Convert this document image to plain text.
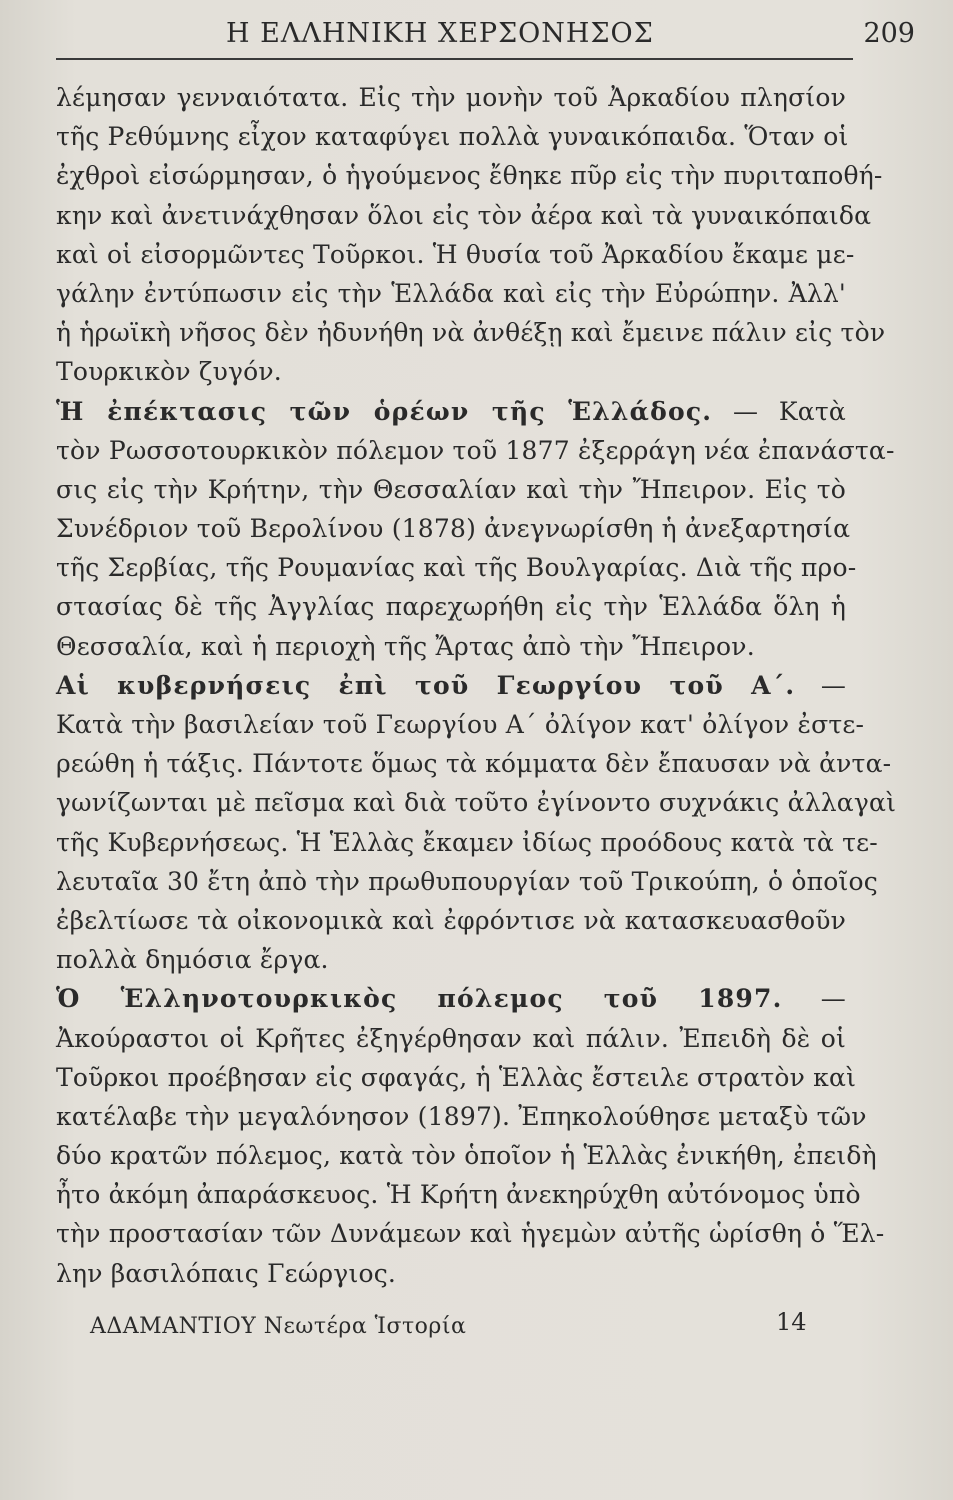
Η ΕΛΛΗΝΙΚΗ ΧΕΡΣΟΝΗΣΟΣ	209
λέμησαν γενναιότατα. Εἰς τὴν μονὴν τοῦ Ἀρκαδίου πλησίον
τῆς Ρεθύμνης εἶχον καταφύγει πολλὰ γυναικόπαιδα. Ὅταν οἱ
ἐχθροὶ εἰσώρμησαν, ὁ ἡγούμενος ἔθηκε πῦρ εἰς τὴν πυριταποθή-
κην καὶ ἀνετινάχθησαν ὅλοι εἰς τὸν ἀέρα καὶ τὰ γυναικόπαιδα
καὶ οἱ εἰσορμῶντες Τοῦρκοι. Ἡ θυσία τοῦ Ἀρκαδίου ἔκαμε με-
γάλην ἐντύπωσιν εἰς τὴν Ἑλλάδα καὶ εἰς τὴν Εὐρώπην. Ἀλλ'
ἡ ἡρωϊκὴ νῆσος δὲν ἠδυνήθη νὰ ἀνθέξῃ καὶ ἔμεινε πάλιν εἰς τὸν
Τουρκικὸν ζυγόν.
Ἡ ἐπέκτασις τῶν ὁρέων τῆς Ἑλλάδος. — Κατὰ
τὸν Ρωσσοτουρκικὸν πόλεμον τοῦ 1877 ἐξερράγη νέα ἐπανάστα-
σις εἰς τὴν Κρήτην, τὴν Θεσσαλίαν καὶ τὴν Ἤπειρον. Εἰς τὸ
Συνέδριον τοῦ Βερολίνου (1878) ἀνεγνωρίσθη ἡ ἀνεξαρτησία
τῆς Σερβίας, τῆς Ρουμανίας καὶ τῆς Βουλγαρίας. Διὰ τῆς προ-
στασίας δὲ τῆς Ἀγγλίας παρεχωρήθη εἰς τὴν Ἑλλάδα ὅλη ἡ
Θεσσαλία, καὶ ἡ περιοχὴ τῆς Ἄρτας ἀπὸ τὴν Ἤπειρον.
Αἱ κυβερνήσεις ἐπὶ τοῦ Γεωργίου τοῦ Α΄. —
Κατὰ τὴν βασιλείαν τοῦ Γεωργίου Α΄ ὀλίγον κατ' ὀλίγον ἐστε-
ρεώθη ἡ τάξις. Πάντοτε ὅμως τὰ κόμματα δὲν ἔπαυσαν νὰ ἀντα-
γωνίζωνται μὲ πεῖσμα καὶ διὰ τοῦτο ἐγίνοντο συχνάκις ἀλλαγαὶ
τῆς Κυβερνήσεως. Ἡ Ἑλλὰς ἔκαμεν ἰδίως προόδους κατὰ τὰ τε-
λευταῖα 30 ἔτη ἀπὸ τὴν πρωθυπουργίαν τοῦ Τρικούπη, ὁ ὁποῖος
ἐβελτίωσε τὰ οἰκονομικὰ καὶ ἐφρόντισε νὰ κατασκευασθοῦν
πολλὰ δημόσια ἔργα.
Ὁ Ἑλληνοτουρκικὸς πόλεμος τοῦ 1897. —
Ἀκούραστοι οἱ Κρῆτες ἐξηγέρθησαν καὶ πάλιν. Ἐπειδὴ δὲ οἱ
Τοῦρκοι προέβησαν εἰς σφαγάς, ἡ Ἑλλὰς ἔστειλε στρατὸν καὶ
κατέλαβε τὴν μεγαλόνησον (1897). Ἐπηκολούθησε μεταξὺ τῶν
δύο κρατῶν πόλεμος, κατὰ τὸν ὁποῖον ἡ Ἑλλὰς ἐνικήθη, ἐπειδὴ
ἦτο ἀκόμη ἀπαράσκευος. Ἡ Κρήτη ἀνεκηρύχθη αὐτόνομος ὑπὸ
τὴν προστασίαν τῶν Δυνάμεων καὶ ἡγεμὼν αὐτῆς ὡρίσθη ὁ Ἕλ-
λην βασιλόπαις Γεώργιος.
ΑΔΑΜΑΝΤΙΟΥ Νεωτέρα Ἱστορία	14
